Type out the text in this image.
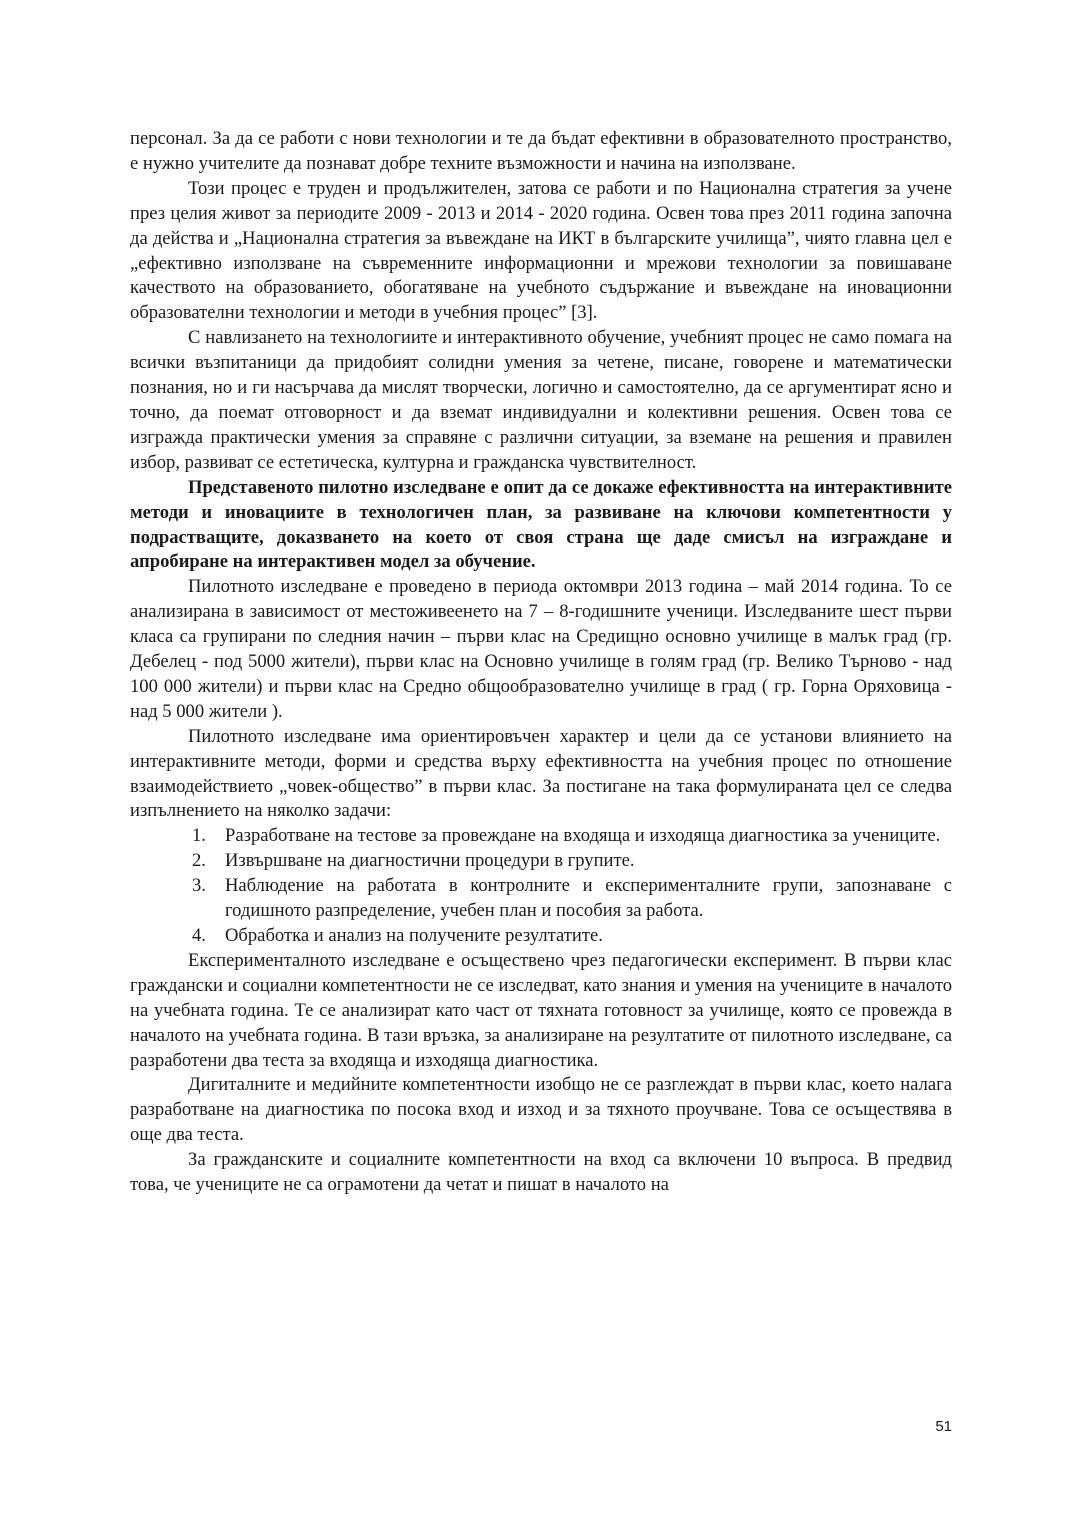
персонал. За да се работи с нови технологии и те да бъдат ефективни в образователното пространство, е нужно учителите да познават добре техните възможности и начина на използване.

Този процес е труден и продължителен, затова се работи и по Национална стратегия за учене през целия живот за периодите 2009 - 2013 и 2014 - 2020 година. Освен това през 2011 година започна да действа и „Национална стратегия за въвеждане на ИКТ в българските училища”, чиято главна цел е „ефективно използване на съвременните информационни и мрежови технологии за повишаване качеството на образованието, обогатяване на учебното съдържание и въвеждане на иновационни образователни технологии и методи в учебния процес” [3].

С навлизането на технологиите и интерактивното обучение, учебният процес не само помага на всички възпитаници да придобият солидни умения за четене, писане, говорене и математически познания, но и ги насърчава да мислят творчески, логично и самостоятелно, да се аргументират ясно и точно, да поемат отговорност и да вземат индивидуални и колективни решения. Освен това се изгражда практически умения за справяне с различни ситуации, за вземане на решения и правилен избор, развиват се естетическа, културна и гражданска чувствителност.

Представеното пилотно изследване е опит да се докаже ефективността на интерактивните методи и иновациите в технологичен план, за развиване на ключови компетентности у подрастващите, доказването на което от своя страна ще даде смисъл на изграждане и апробиране на интерактивен модел за обучение.

Пилотното изследване е проведено в периода октомври 2013 година – май 2014 година. То се анализирана в зависимост от местоживеенето на 7 – 8-годишните ученици. Изследваните шест първи класа са групирани по следния начин – първи клас на Средищно основно училище в малък град (гр. Дебелец - под 5000 жители), първи клас на Основно училище в голям град (гр. Велико Търново - над 100 000 жители) и първи клас на Средно общообразователно училище в град ( гр. Горна Оряховица - над 5 000 жители ).

Пилотното изследване има ориентировъчен характер и цели да се установи влиянието на интерактивните методи, форми и средства върху ефективността на учебния процес по отношение взаимодействието „човек-общество” в първи клас. За постигане на така формулираната цел се следва изпълнението на няколко задачи:

1.	Разработване на тестове за провеждане на входяща и изходяща диагностика за учениците.
2.	Извършване на диагностични процедури в групите.
3.	Наблюдение на работата в контролните и експерименталните групи, запознаване с годишното разпределение, учебен план и пособия за работа.
4.	Обработка и анализ на получените резултатите.

Експерименталното изследване е осъществено чрез педагогически експеримент. В първи клас граждански и социални компетентности не се изследват, като знания и умения на учениците в началото на учебната година. Те се анализират като част от тяхната готовност за училище, която се провежда в началото на учебната година. В тази връзка, за анализиране на резултатите от пилотното изследване, са разработени два теста за входяща и изходяща диагностика.

Дигиталните и медийните компетентности изобщо не се разглеждат в първи клас, което налага разработване на диагностика по посока вход и изход и за тяхното проучване. Това се осъществява в още два теста.

За гражданските и социалните компетентности на вход са включени 10 въпроса. В предвид това, че учениците не са ограмотени да четат и пишат в началото на

51
